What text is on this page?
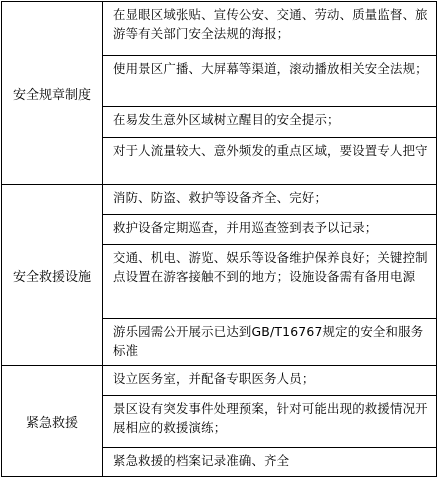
安全规章制度	在显眼区域张贴、宣传公安、交通、劳动、质量监督、旅游等有关部门安全法规的海报；
	使用景区广播、大屏幕等渠道，滚动播放相关安全法规；
	在易发生意外区域树立醒目的安全提示；
	对于人流量较大、意外频发的重点区域，要设置专人把守
安全救援设施	消防、防盗、救护等设备齐全、完好；
	救护设备定期巡查，并用巡查签到表予以记录；
	交通、机电、游览、娱乐等设备维护保养良好；关键控制点设置在游客接触不到的地方；设施设备需有备用电源
	游乐园需公开展示已达到GB/T16767规定的安全和服务标准
紧急救援	设立医务室，并配备专职医务人员；
	景区设有突发事件处理预案，针对可能出现的救援情况开展相应的救援演练；
	紧急救援的档案记录准确、齐全
